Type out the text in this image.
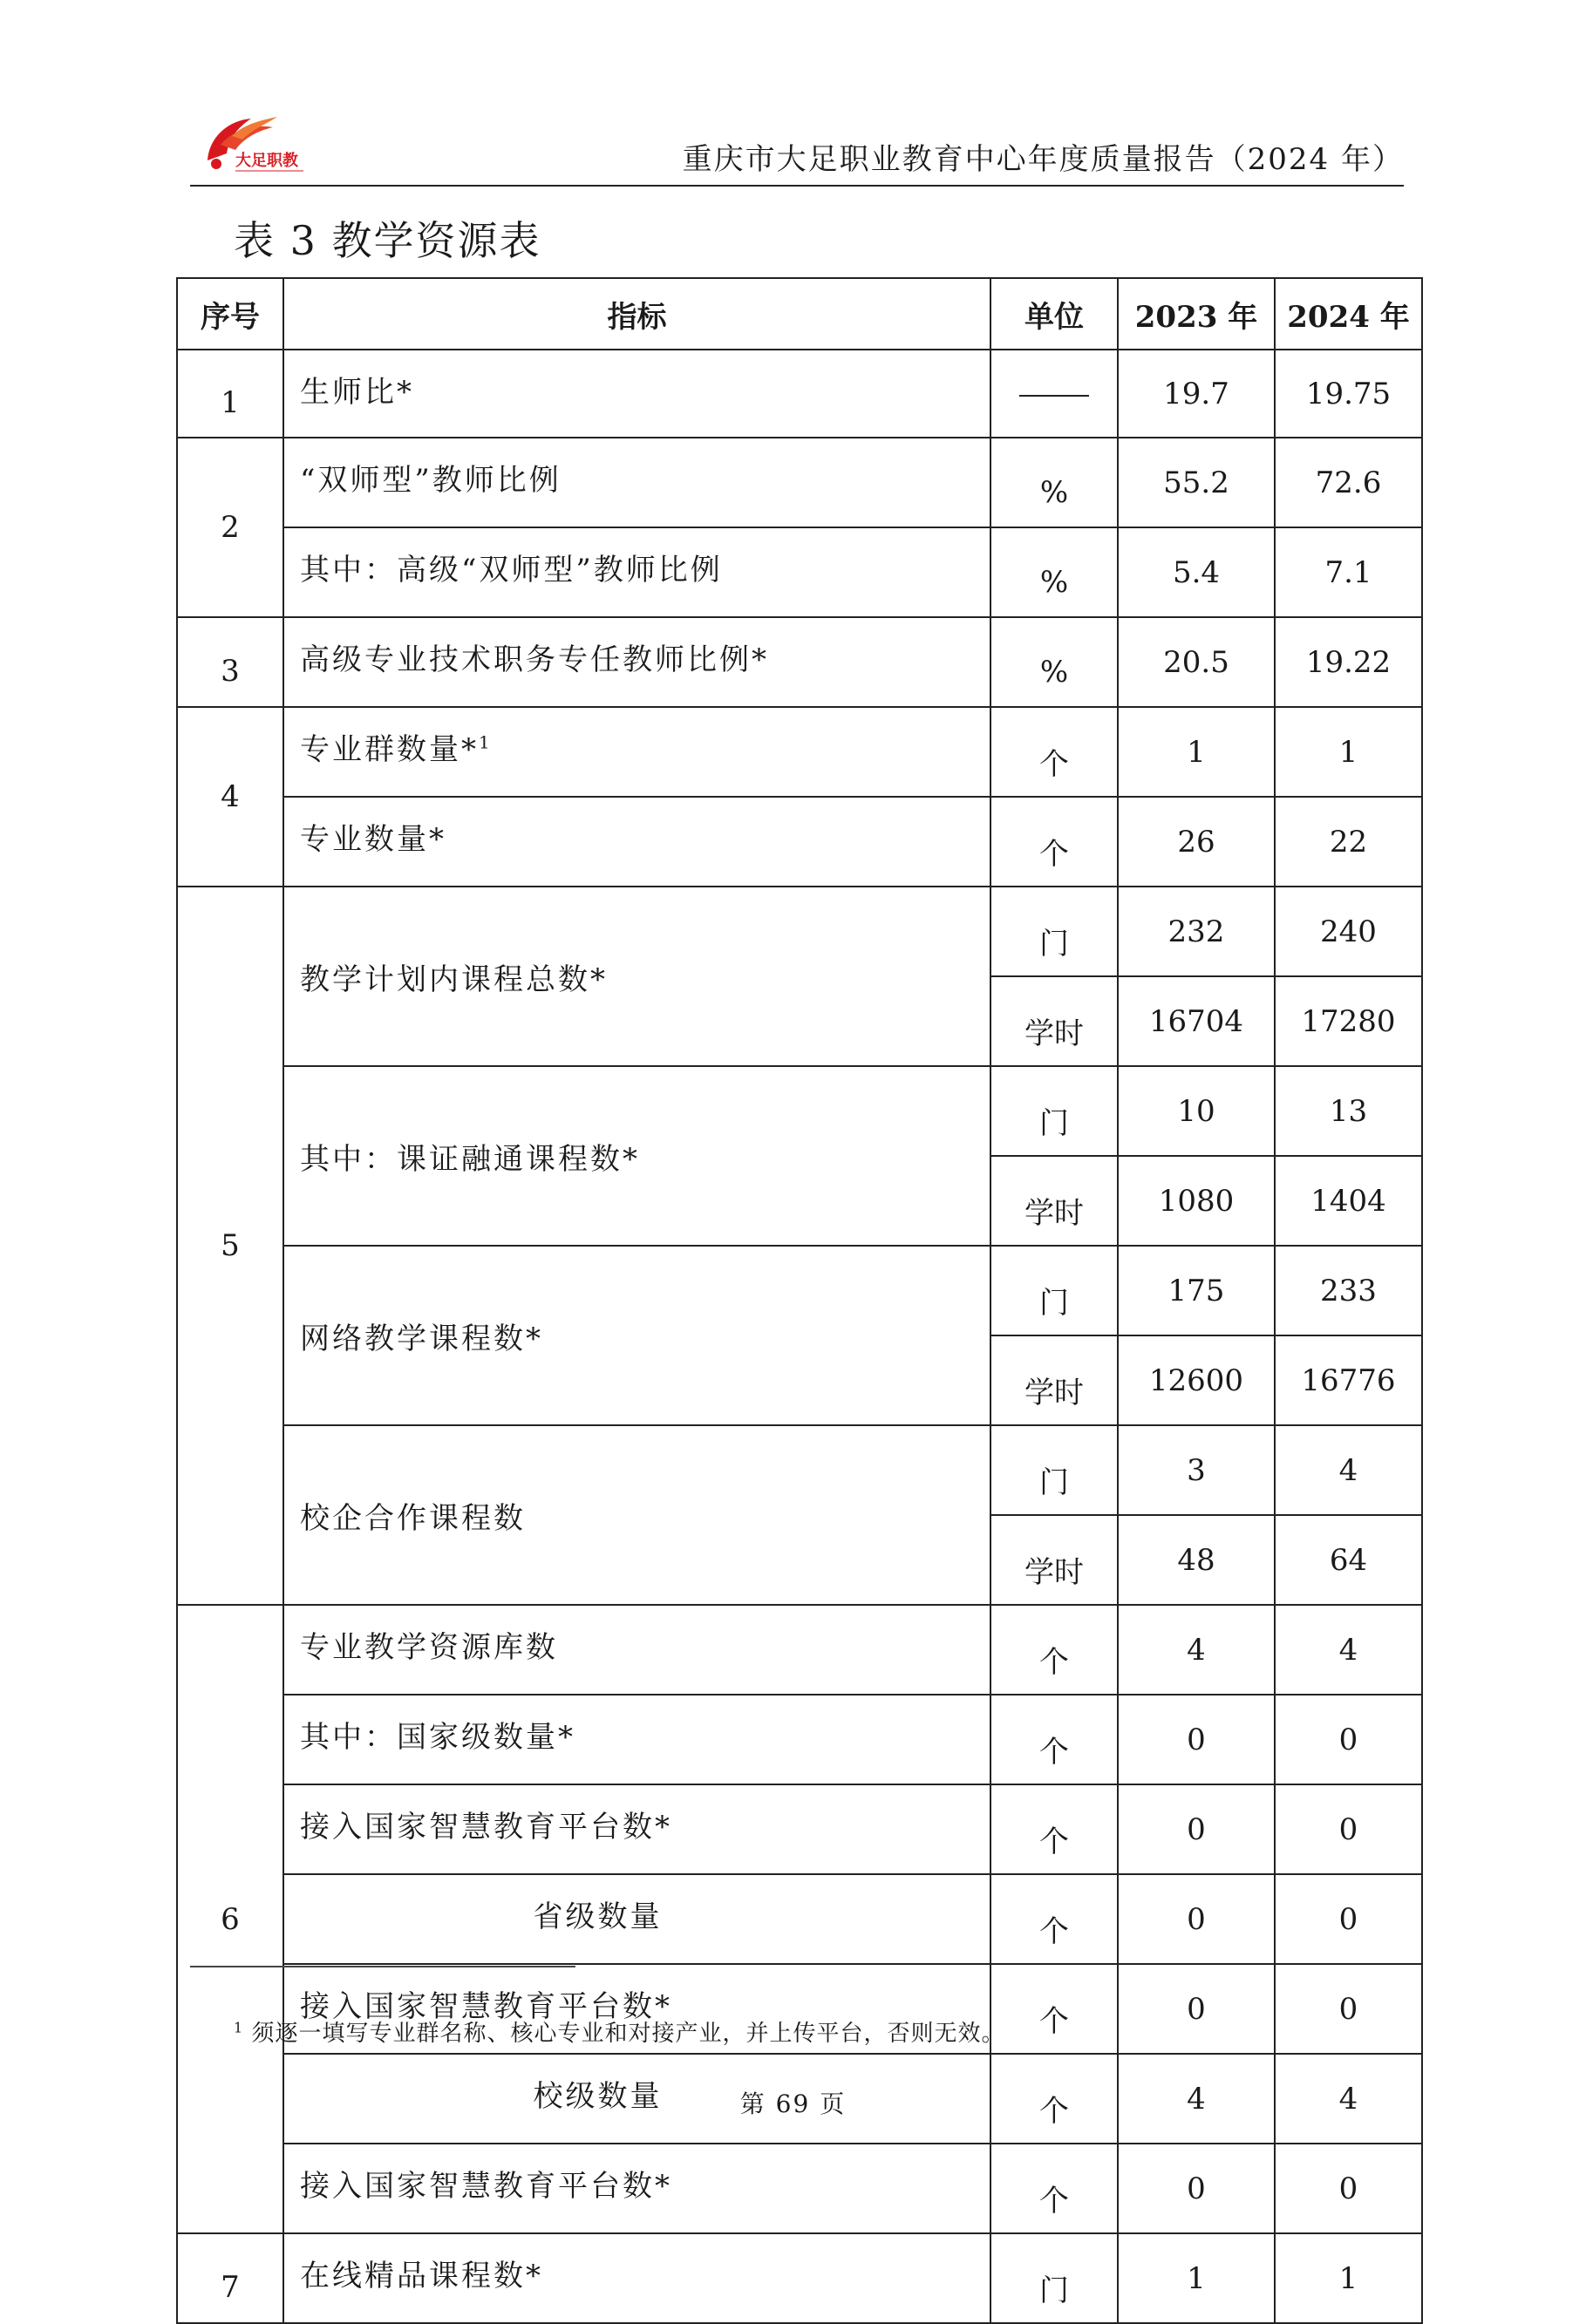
大足职教	重庆市大足职业教育中心年度质量报告（2024 年）
表 3 教学资源表
序号	指标	单位	2023 年	2024 年
1	生师比*		19.7	19.75
2	“双师型”教师比例	%	55.2	72.6
	其中：高级“双师型”教师比例	%	5.4	7.1
3	高级专业技术职务专任教师比例*	%	20.5	19.22
4	专业群数量*$^1$	个	1	1
	专业数量*	个	26	22
5	教学计划内课程总数*	门	232	240
		学时	16704	17280
	其中：课证融通课程数*	门	10	13
		学时	1080	1404
	网络教学课程数*	门	175	233
		学时	12600	16776
	校企合作课程数	门	3	4
		学时	48	64
6	专业教学资源库数	个	4	4
	其中：国家级数量*	个	0	0
	接入国家智慧教育平台数*	个	0	0
	省级数量	个	0	0
	接入国家智慧教育平台数*	个	0	0
	校级数量	个	4	4
	接入国家智慧教育平台数*	个	0	0
7	在线精品课程数*	门	1	1
$^1$ 须逐一填写专业群名称、核心专业和对接产业，并上传平台，否则无效。
第 69 页
